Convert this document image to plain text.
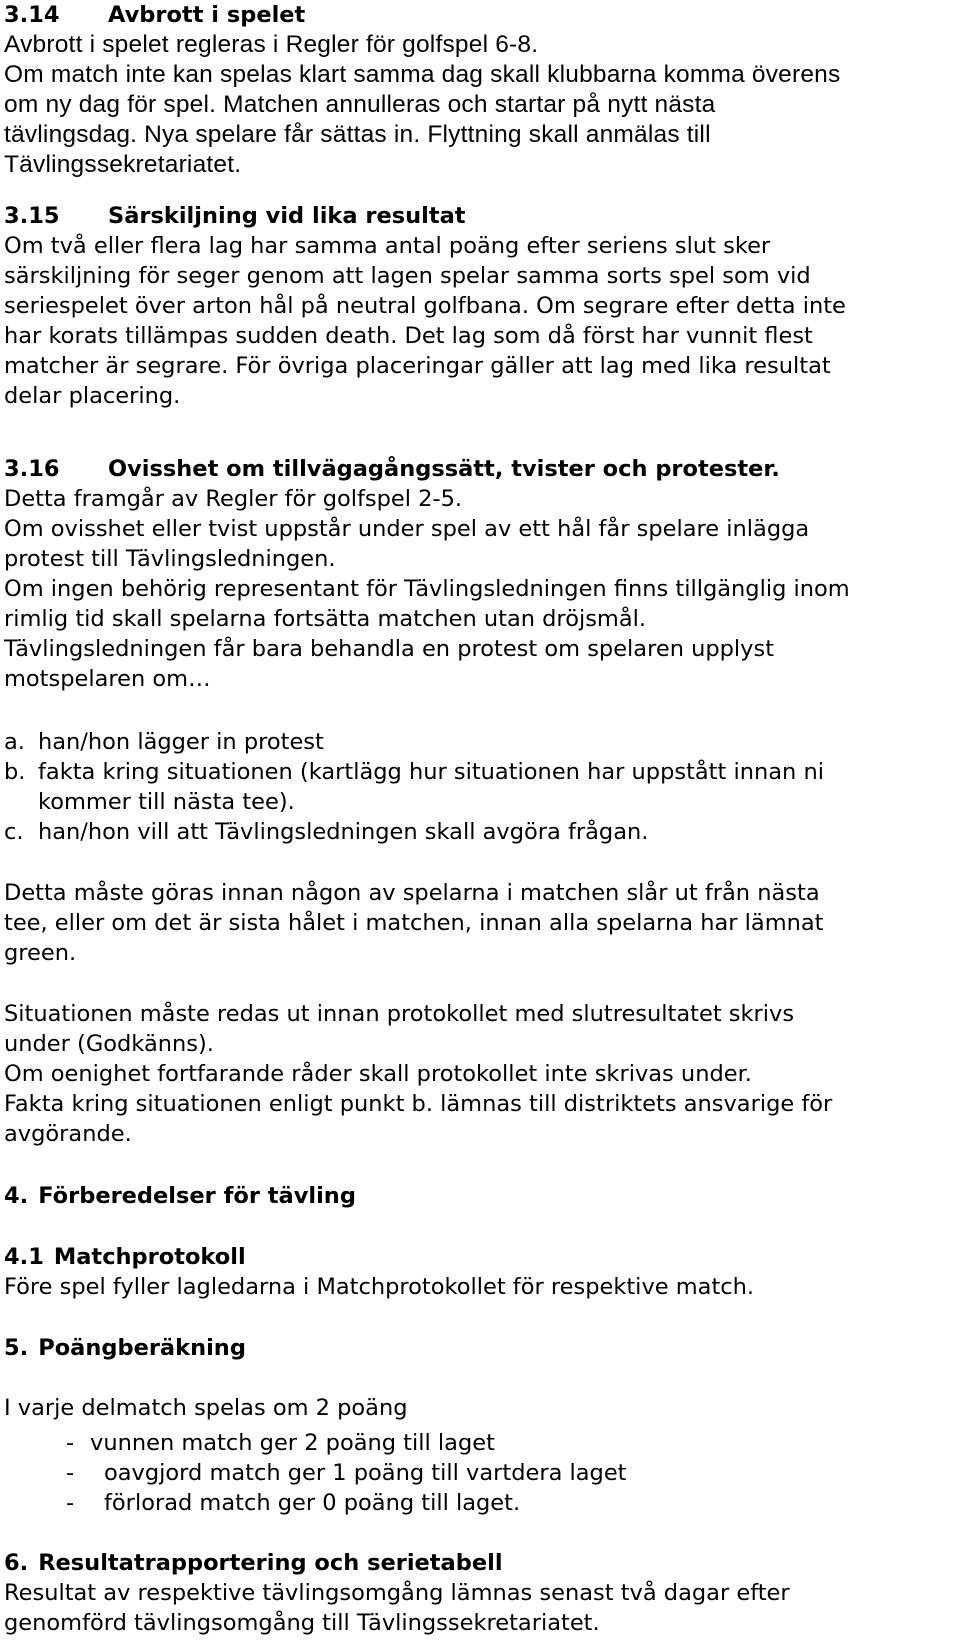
3.14 Avbrott i spelet
Avbrott i spelet regleras i Regler för golfspel 6-8.
Om match inte kan spelas klart samma dag skall klubbarna komma överens
om ny dag för spel. Matchen annulleras och startar på nytt nästa
tävlingsdag. Nya spelare får sättas in. Flyttning skall anmälas till
Tävlingssekretariatet.
3.15 Särskiljning vid lika resultat
Om två eller flera lag har samma antal poäng efter seriens slut sker
särskiljning för seger genom att lagen spelar samma sorts spel som vid
seriespelet över arton hål på neutral golfbana. Om segrare efter detta inte
har korats tillämpas sudden death. Det lag som då först har vunnit flest
matcher är segrare. För övriga placeringar gäller att lag med lika resultat
delar placering.
3.16 Ovisshet om tillvägagångssätt, tvister och protester.
Detta framgår av Regler för golfspel 2-5.
Om ovisshet eller tvist uppstår under spel av ett hål får spelare inlägga
protest till Tävlingsledningen.
Om ingen behörig representant för Tävlingsledningen finns tillgänglig inom
rimlig tid skall spelarna fortsätta matchen utan dröjsmål.
Tävlingsledningen får bara behandla en protest om spelaren upplyst
motspelaren om…
a. han/hon lägger in protest
b. fakta kring situationen (kartlägg hur situationen har uppstått innan ni
kommer till nästa tee).
c. han/hon vill att Tävlingsledningen skall avgöra frågan.
Detta måste göras innan någon av spelarna i matchen slår ut från nästa
tee, eller om det är sista hålet i matchen, innan alla spelarna har lämnat
green.
Situationen måste redas ut innan protokollet med slutresultatet skrivs
under (Godkänns).
Om oenighet fortfarande råder skall protokollet inte skrivas under.
Fakta kring situationen enligt punkt b. lämnas till distriktets ansvarige för
avgörande.
4. Förberedelser för tävling
4.1 Matchprotokoll
Före spel fyller lagledarna i Matchprotokollet för respektive match.
5. Poängberäkning
I varje delmatch spelas om 2 poäng
- vunnen match ger 2 poäng till laget
- oavgjord match ger 1 poäng till vartdera laget
- förlorad match ger 0 poäng till laget.
6. Resultatrapportering och serietabell
Resultat av respektive tävlingsomgång lämnas senast två dagar efter
genomförd tävlingsomgång till Tävlingssekretariatet.
